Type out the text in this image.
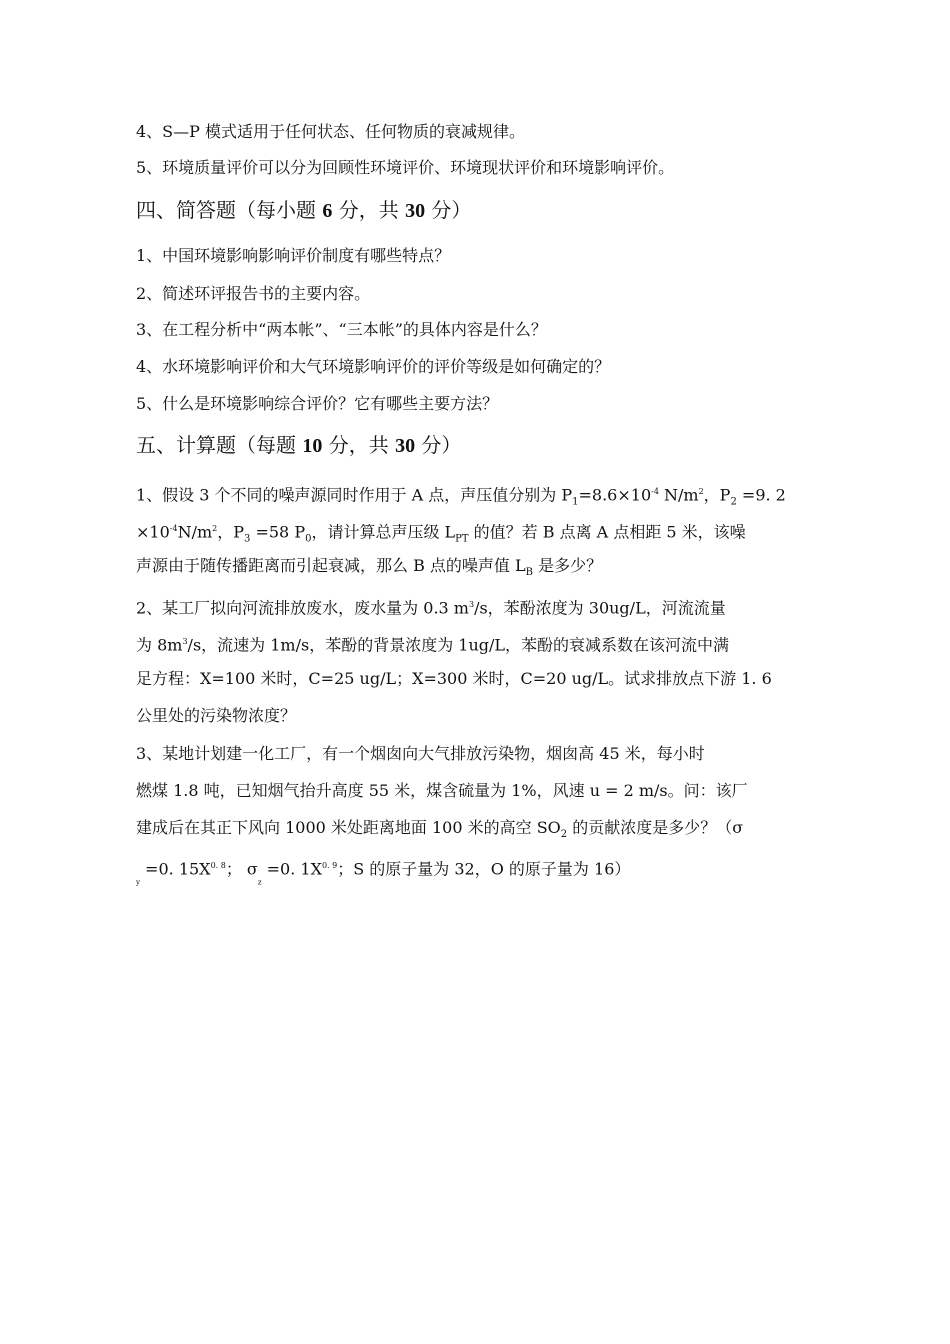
4、S—P 模式适用于任何状态、任何物质的衰减规律。
5、环境质量评价可以分为回顾性环境评价、环境现状评价和环境影响评价。
四、简答题（每小题 6 分，共 30 分）
1、中国环境影响影响评价制度有哪些特点？
2、简述环评报告书的主要内容。
3、在工程分析中“两本帐”、“三本帐”的具体内容是什么？
4、水环境影响评价和大气环境影响评价的评价等级是如何确定的？
5、什么是环境影响综合评价？它有哪些主要方法？
五、计算题（每题 10 分，共 30 分）
1、假设 3 个不同的噪声源同时作用于 A 点，声压值分别为 $P_1=8.6\times 10^{-4}$ $N/m^2$，$P_2 =9$. 2
$\times 10^{-4}N/m^2$，$P_3 =58$ $P_0$，请计算总声压级 $L_{PT}$ 的值？若 B 点离 A 点相距 5 米，该噪
声源由于随传播距离而引起衰减，那么 B 点的噪声值 $L_B$ 是多少？
2、某工厂拟向河流排放废水，废水量为 0.3 $m^3/s$，苯酚浓度为 30ug/L，河流流量
为 $8m^3/s$，流速为 1m/s，苯酚的背景浓度为 1ug/L，苯酚的衰减系数在该河流中满
足方程：X=100 米时，C=25 ug/L；X=300 米时，C=20 ug/L。试求排放点下游 1. 6
公里处的污染物浓度？
3、某地计划建一化工厂，有一个烟囱向大气排放污染物，烟囱高 45 米，每小时
燃煤 1.8 吨，已知烟气抬升高度 55 米，煤含硫量为 1%，风速 u = 2 m/s。问：该厂
建成后在其正下风向 1000 米处距离地面 100 米的高空 $SO_2$ 的贡献浓度是多少？（σ
$_y$ =0. $15X^{0. 8}$； $\sigma_z =0$. $1X^{0. 9}$；S 的原子量为 32，O 的原子量为 16）
